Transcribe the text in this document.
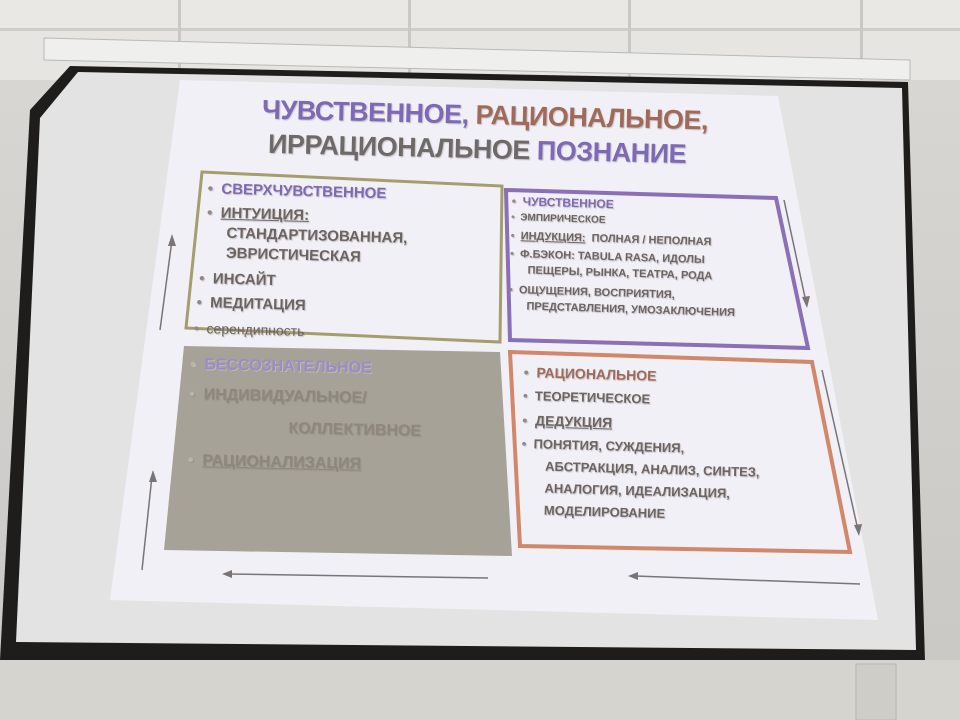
ЧУВСТВЕННОЕ, РАЦИОНАЛЬНОЕ,
ИРРАЦИОНАЛЬНОЕ ПОЗНАНИЕ
• СВЕРХЧУВСТВЕННОЕ
• ИНТУИЦИЯ:
СТАНДАРТИЗОВАННАЯ,
ЭВРИСТИЧЕСКАЯ
• ИНСАЙТ
• МЕДИТАЦИЯ
• серендипность
• ЧУВСТВЕННОЕ
• ЭМПИРИЧЕСКОЕ
• ИНДУКЦИЯ: ПОЛНАЯ / НЕПОЛНАЯ
• Ф.БЭКОН: TABULA RASA, ИДОЛЫ
ПЕЩЕРЫ, РЫНКА, ТЕАТРА, РОДА
• ОЩУЩЕНИЯ, ВОСПРИЯТИЯ,
ПРЕДСТАВЛЕНИЯ, УМОЗАКЛЮЧЕНИЯ
• БЕССОЗНАТЕЛЬНОЕ
• ИНДИВИДУАЛЬНОЕ/
КОЛЛЕКТИВНОЕ
• РАЦИОНАЛИЗАЦИЯ
• РАЦИОНАЛЬНОЕ
• ТЕОРЕТИЧЕСКОЕ
• ДЕДУКЦИЯ
• ПОНЯТИЯ, СУЖДЕНИЯ,
АБСТРАКЦИЯ, АНАЛИЗ, СИНТЕЗ,
АНАЛОГИЯ, ИДЕАЛИЗАЦИЯ,
МОДЕЛИРОВАНИЕ
